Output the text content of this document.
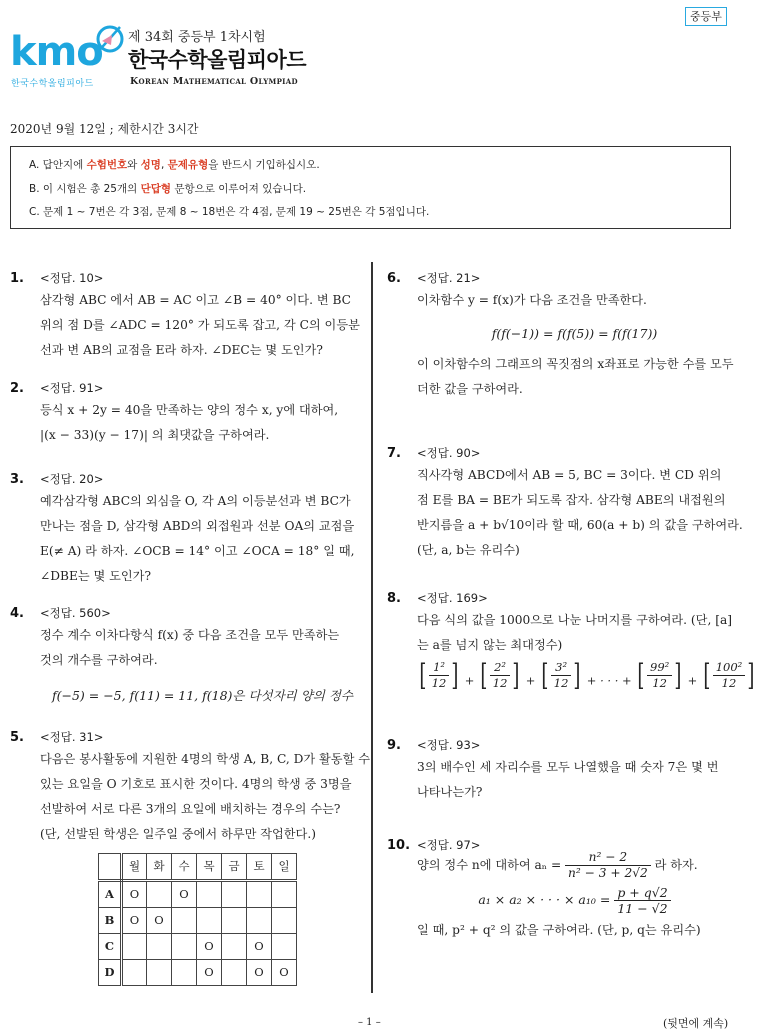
중등부
kmo
한국수학올림피아드
제 34회 중등부 1차시험
한국수학올림피아드
Korean Mathematical Olympiad
2020년 9월 12일 ; 제한시간 3시간
A. 답안지에 수험번호와 성명, 문제유형을 반드시 기입하십시오.
B. 이 시험은 총 25개의 단답형 문항으로 이루어져 있습니다.
C. 문제 1 ~ 7번은 각 3점, 문제 8 ~ 18번은 각 4점, 문제 19 ~ 25번은 각 5점입니다.
1.	<정답. 10>

삼각형 ABC 에서 AB = AC 이고 ∠B = 40° 이다. 변 BC

위의 점 D를 ∠ADC = 120° 가 되도록 잡고, 각 C의 이등분

선과 변 AB의 교점을 E라 하자. ∠DEC는 몇 도인가?

2.	<정답. 91>

등식 x + 2y = 40을 만족하는 양의 정수 x, y에 대하여,

|(x − 33)(y − 17)| 의 최댓값을 구하여라.

3.	<정답. 20>

예각삼각형 ABC의 외심을 O, 각 A의 이등분선과 변 BC가

만나는 점을 D, 삼각형 ABD의 외접원과 선분 OA의 교점을

E(≠ A) 라 하자. ∠OCB = 14° 이고 ∠OCA = 18° 일 때,

∠DBE는 몇 도인가?

4.	<정답. 560>

정수 계수 이차다항식 f(x) 중 다음 조건을 모두 만족하는

것의 개수를 구하여라.

f(−5) = −5, f(11) = 11, f(18)은 다섯자리 양의 정수
5.	<정답. 31>

다음은 봉사활동에 지원한 4명의 학생 A, B, C, D가 활동할 수

있는 요일을 O 기호로 표시한 것이다. 4명의 학생 중 3명을

선발하여 서로 다른 3개의 요일에 배치하는 경우의 수는?

(단, 선발된 학생은 일주일 중에서 하루만 작업한다.)

	월	화	수	목	금	토	일
A	O		O				
B	O	O					
C				O		O	
D				O		O	O
6.	<정답. 21>

이차함수 y = f(x)가 다음 조건을 만족한다.

f(f(−1)) = f(f(5)) = f(f(17))

이 이차함수의 그래프의 꼭짓점의 x좌표로 가능한 수를 모두

더한 값을 구하여라.

7.	<정답. 90>

직사각형 ABCD에서 AB = 5, BC = 3이다. 변 CD 위의

점 E를 BA = BE가 되도록 잡자. 삼각형 ABE의 내접원의

반지름을 a + b√10이라 할 때, 60(a + b) 의 값을 구하여라.

(단, a, b는 유리수)

8.	<정답. 169>

다음 식의 값을 1000으로 나눈 나머지를 구하여라. (단, [a]

는 a를 넘지 않는 최대정수)

[ $\frac{\text{1²}}{12}$ ] + [ $\frac{\text{2²}}{12}$ ] + [ $\frac{\text{3²}}{12}$ ] + · · · + [ $\frac{\text{99²}}{12}$ ] + [ $\frac{\text{100²}}{12}$ ]
9.	<정답. 93>

3의 배수인 세 자리수를 모두 나열했을 때 숫자 7은 몇 번

나타나는가?

10. <정답. 97>

양의 정수 n에 대하여 $a_n = \frac{\text{n² − 2}}{\text{n² − 3 + 2√2}}$ 라 하자.

a₁ × a₂ × · · · × $a_{10} = \frac{p + q√2}{11 - √2}$

일 때, p² + q² 의 값을 구하여라. (단, p, q는 유리수)

– 1 –	(뒷면에 계속)
